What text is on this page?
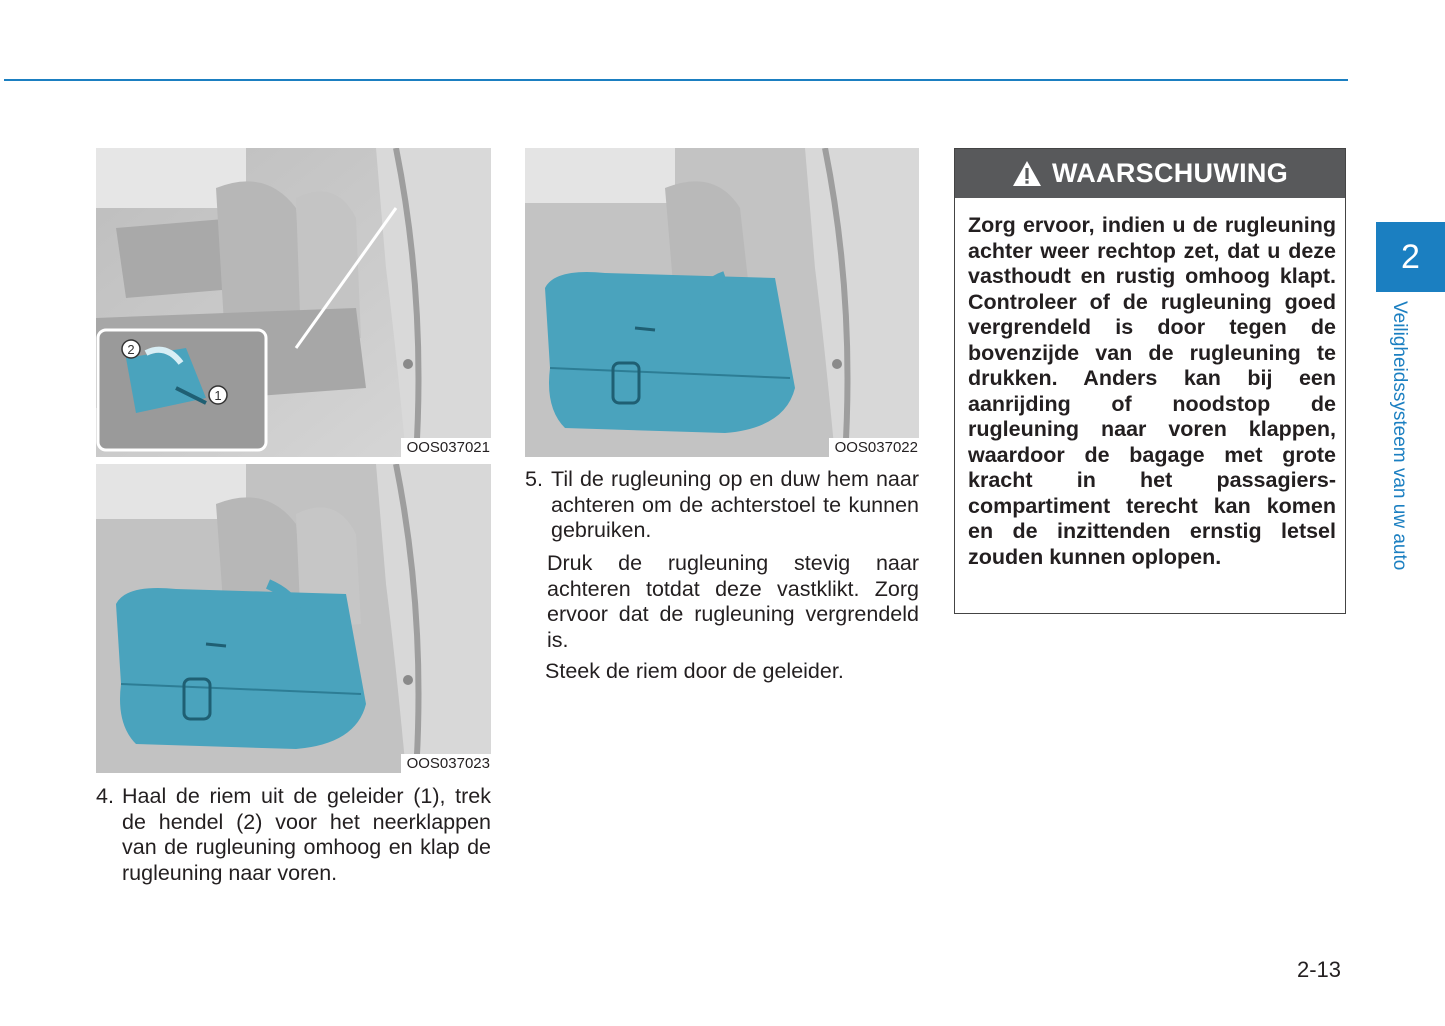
2
1
OOS037021
OOS037023
OOS037022
4. Haal de riem uit de geleider (1), trek de hendel (2) voor het neerklappen van de rugleuning omhoog en klap de rugleuning naar voren.
5. Til de rugleuning op en duw hem naar achteren om de achterstoel te kunnen gebruiken.
Druk de rugleuning stevig naar achteren totdat deze vastklikt. Zorg ervoor dat de rugleuning vergrendeld is.
Steek de riem door de geleider.
WAARSCHUWING
Zorg ervoor, indien u de rugleuning achter weer rechtop zet, dat u deze vasthoudt en rustig omhoog klapt. Controleer of de rugleuning goed vergrendeld is door tegen de bovenzijde van de rugleuning te drukken. Anders kan bij een aanrijding of noodstop de rugleuning naar voren klappen, waardoor de bagage met grote kracht in het passagiers-compartiment terecht kan komen en de inzittenden ernstig letsel zouden kunnen oplopen.
2
Veiligheidssysteem van uw auto
2-13
